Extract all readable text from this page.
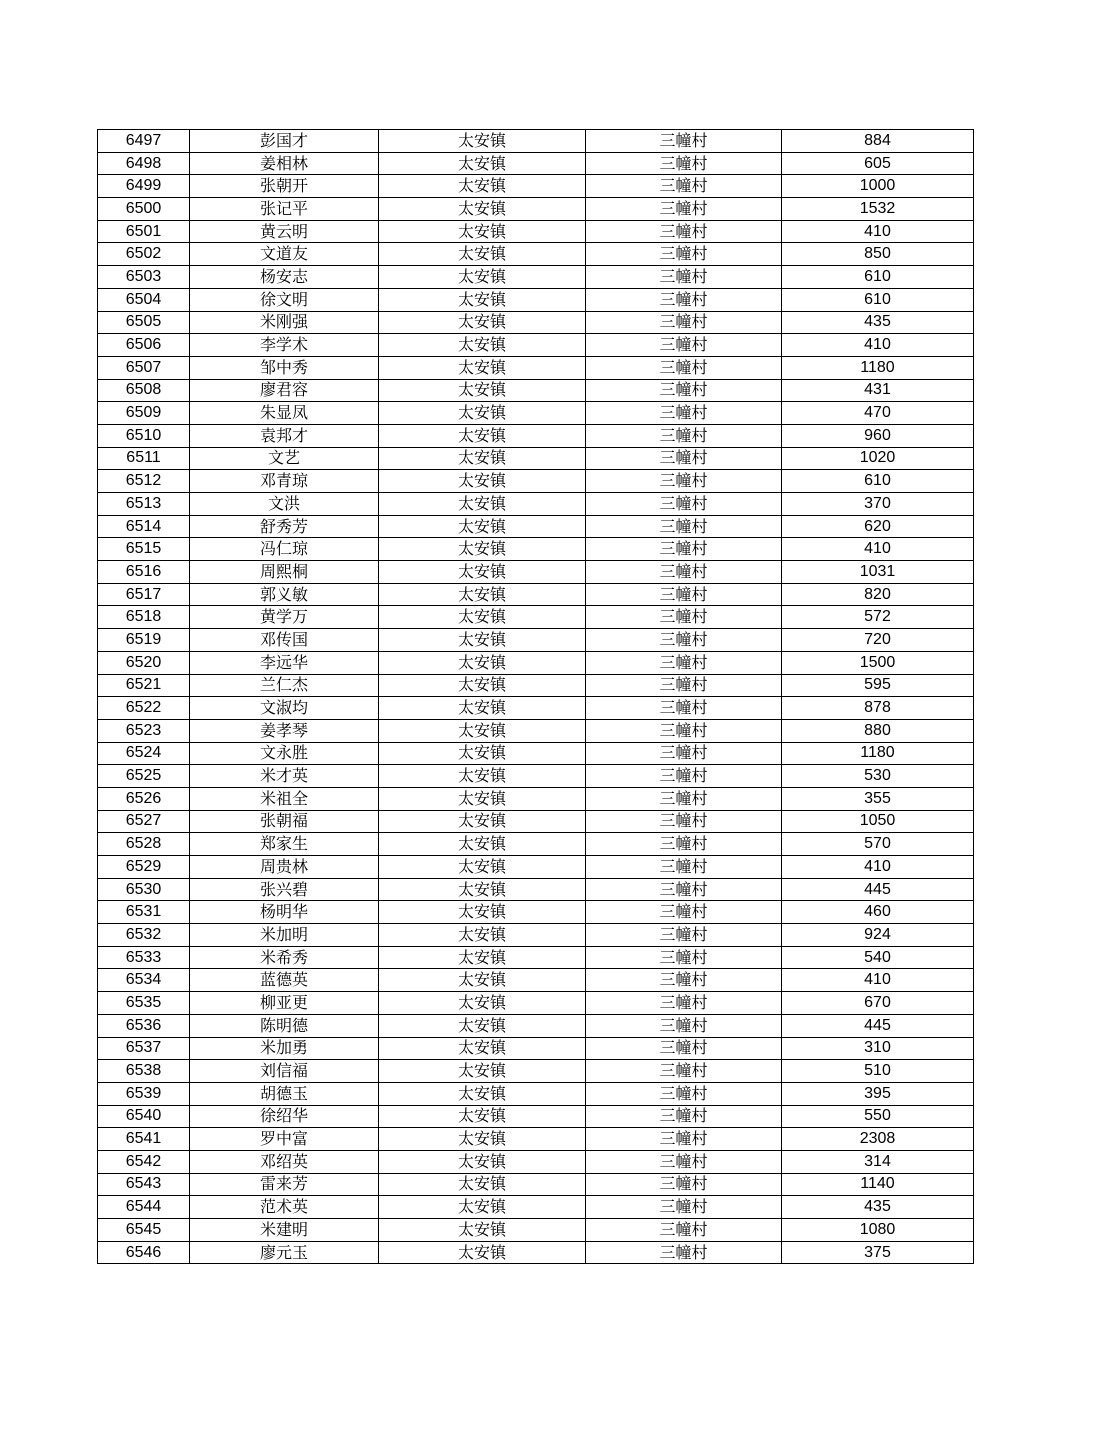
6497	彭国才	太安镇	三幢村	884
6498	姜相林	太安镇	三幢村	605
6499	张朝开	太安镇	三幢村	1000
6500	张记平	太安镇	三幢村	1532
6501	黄云明	太安镇	三幢村	410
6502	文道友	太安镇	三幢村	850
6503	杨安志	太安镇	三幢村	610
6504	徐文明	太安镇	三幢村	610
6505	米刚强	太安镇	三幢村	435
6506	李学术	太安镇	三幢村	410
6507	邹中秀	太安镇	三幢村	1180
6508	廖君容	太安镇	三幢村	431
6509	朱显凤	太安镇	三幢村	470
6510	袁邦才	太安镇	三幢村	960
6511	文艺	太安镇	三幢村	1020
6512	邓青琼	太安镇	三幢村	610
6513	文洪	太安镇	三幢村	370
6514	舒秀芳	太安镇	三幢村	620
6515	冯仁琼	太安镇	三幢村	410
6516	周熙桐	太安镇	三幢村	1031
6517	郭义敏	太安镇	三幢村	820
6518	黄学万	太安镇	三幢村	572
6519	邓传国	太安镇	三幢村	720
6520	李远华	太安镇	三幢村	1500
6521	兰仁杰	太安镇	三幢村	595
6522	文淑均	太安镇	三幢村	878
6523	姜孝琴	太安镇	三幢村	880
6524	文永胜	太安镇	三幢村	1180
6525	米才英	太安镇	三幢村	530
6526	米祖全	太安镇	三幢村	355
6527	张朝福	太安镇	三幢村	1050
6528	郑家生	太安镇	三幢村	570
6529	周贵林	太安镇	三幢村	410
6530	张兴碧	太安镇	三幢村	445
6531	杨明华	太安镇	三幢村	460
6532	米加明	太安镇	三幢村	924
6533	米希秀	太安镇	三幢村	540
6534	蓝德英	太安镇	三幢村	410
6535	柳亚更	太安镇	三幢村	670
6536	陈明德	太安镇	三幢村	445
6537	米加勇	太安镇	三幢村	310
6538	刘信福	太安镇	三幢村	510
6539	胡德玉	太安镇	三幢村	395
6540	徐绍华	太安镇	三幢村	550
6541	罗中富	太安镇	三幢村	2308
6542	邓绍英	太安镇	三幢村	314
6543	雷来芳	太安镇	三幢村	1140
6544	范术英	太安镇	三幢村	435
6545	米建明	太安镇	三幢村	1080
6546	廖元玉	太安镇	三幢村	375
